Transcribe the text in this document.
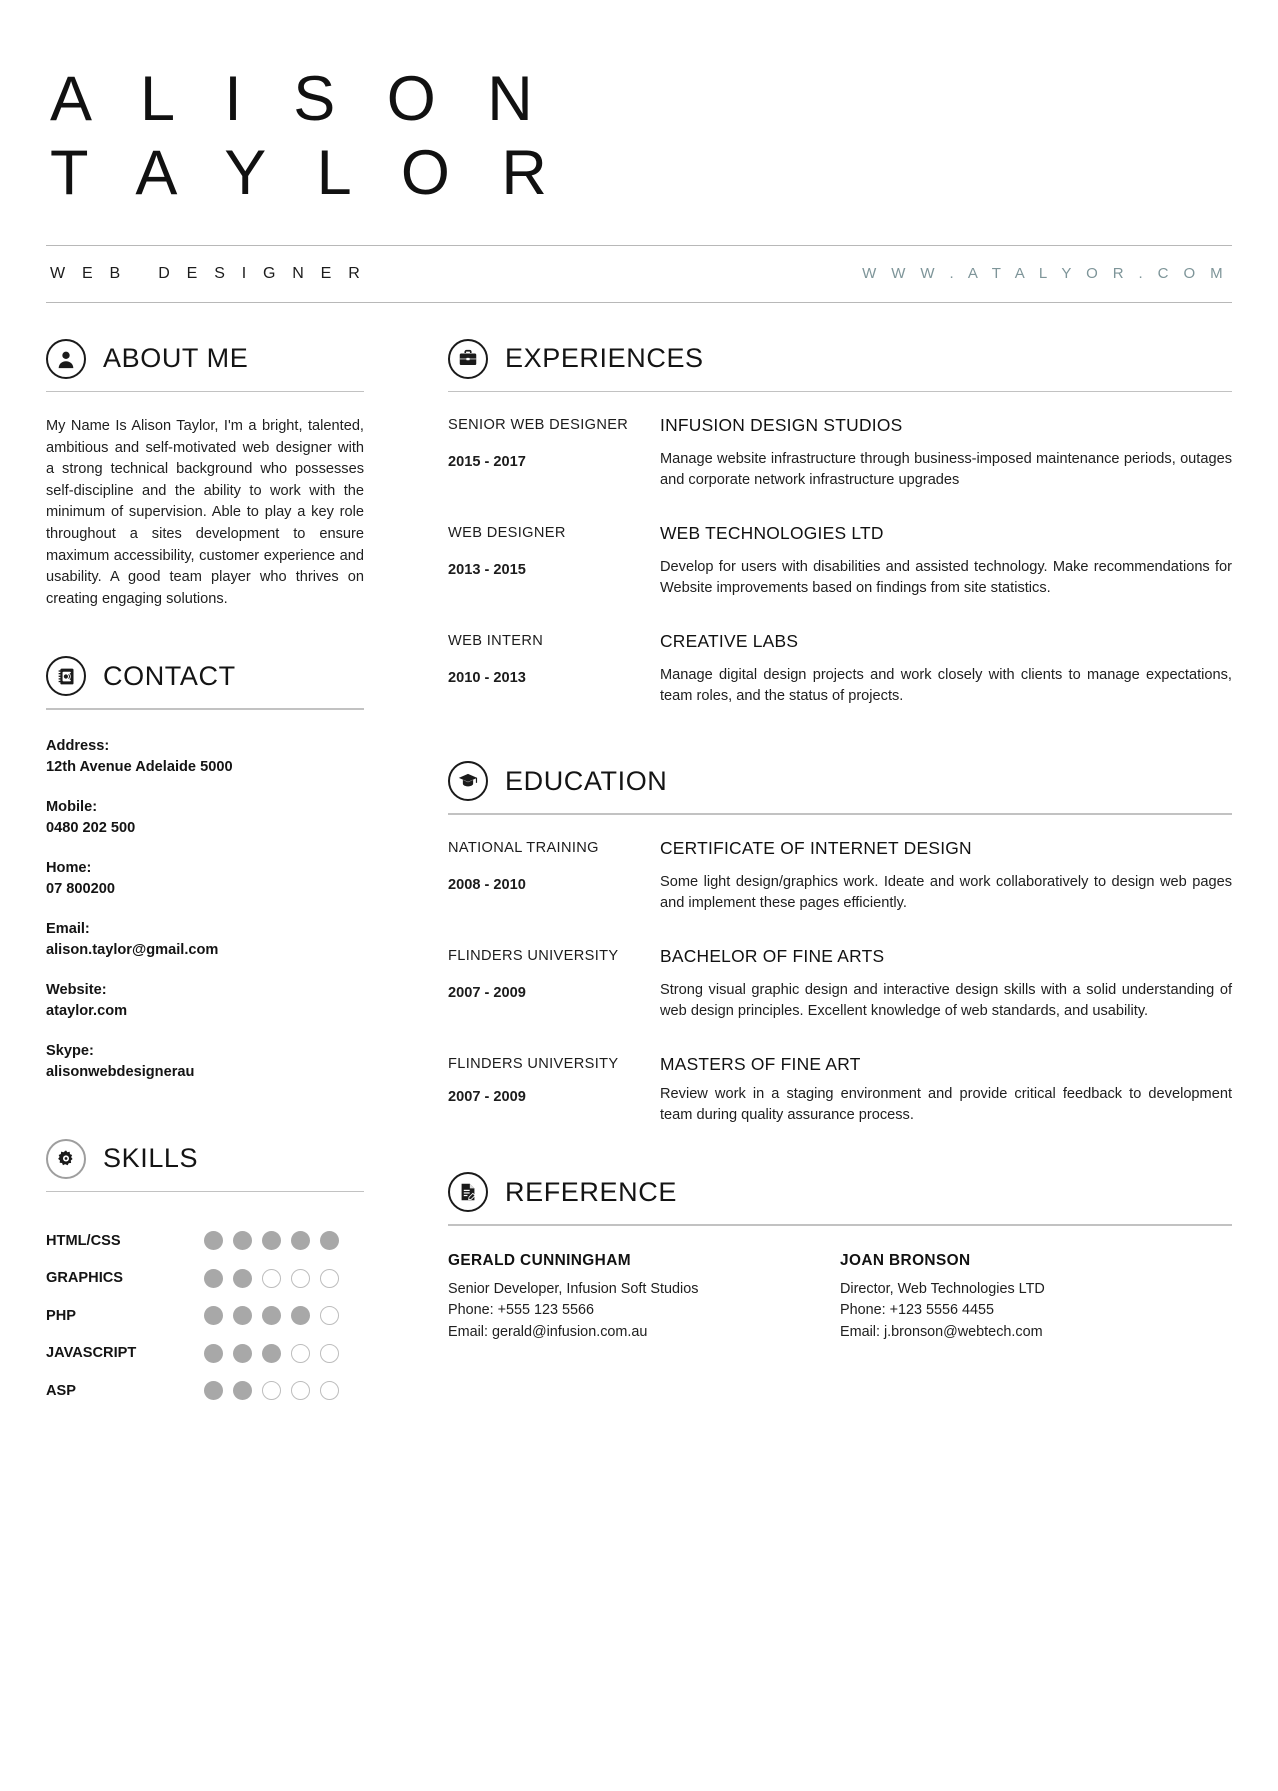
A L I S O N
T A Y L O R
W E B   D E S I G N E R	W W W . A T A L Y O R . C O M
ABOUT ME

My Name Is Alison Taylor, I'm a bright, talented, ambitious and self-motivated web designer with a strong technical background who possesses self-discipline and the ability to work with the minimum of supervision. Able to play a key role throughout a sites development to ensure maximum accessibility, customer experience and usability. A good team player who thrives on creating engaging solutions.

CONTACT
Address:
12th Avenue Adelaide 5000
Mobile:
0480 202 500
Home:
07 800200
Email:
alison.taylor@gmail.com
Website:
ataylor.com
Skype:
alisonwebdesignerau
SKILLS
HTML/CSS
GRAPHICS
PHP
JAVASCRIPT
ASP
EXPERIENCES
SENIOR WEB DESIGNER
2015 - 2017
INFUSION DESIGN STUDIOS
Manage website infrastructure through business-imposed maintenance periods, outages and corporate network infrastructure upgrades
WEB DESIGNER
2013 - 2015
WEB TECHNOLOGIES LTD
Develop for users with disabilities and assisted technology. Make recommendations for Website improvements based on findings from site statistics.
WEB INTERN
2010 - 2013
CREATIVE LABS
Manage digital design projects and work closely with clients to manage expectations, team roles, and the status of projects.
EDUCATION
NATIONAL TRAINING
2008 - 2010
CERTIFICATE OF INTERNET DESIGN
Some light design/graphics work. Ideate and work collaboratively to design web pages and implement these pages efficiently.
FLINDERS UNIVERSITY
2007 - 2009
BACHELOR OF FINE ARTS
Strong visual graphic design and interactive design skills with a solid understanding of web design principles. Excellent knowledge of web standards, and usability.
FLINDERS UNIVERSITY
2007 - 2009
MASTERS OF FINE ART
Review work in a staging environment and provide critical feedback to development team during quality assurance process.
REFERENCE
GERALD CUNNINGHAM
Senior Developer, Infusion Soft Studios
Phone: +555 123 5566
Email: gerald@infusion.com.au
JOAN BRONSON
Director, Web Technologies LTD
Phone: +123 5556 4455
Email: j.bronson@webtech.com
